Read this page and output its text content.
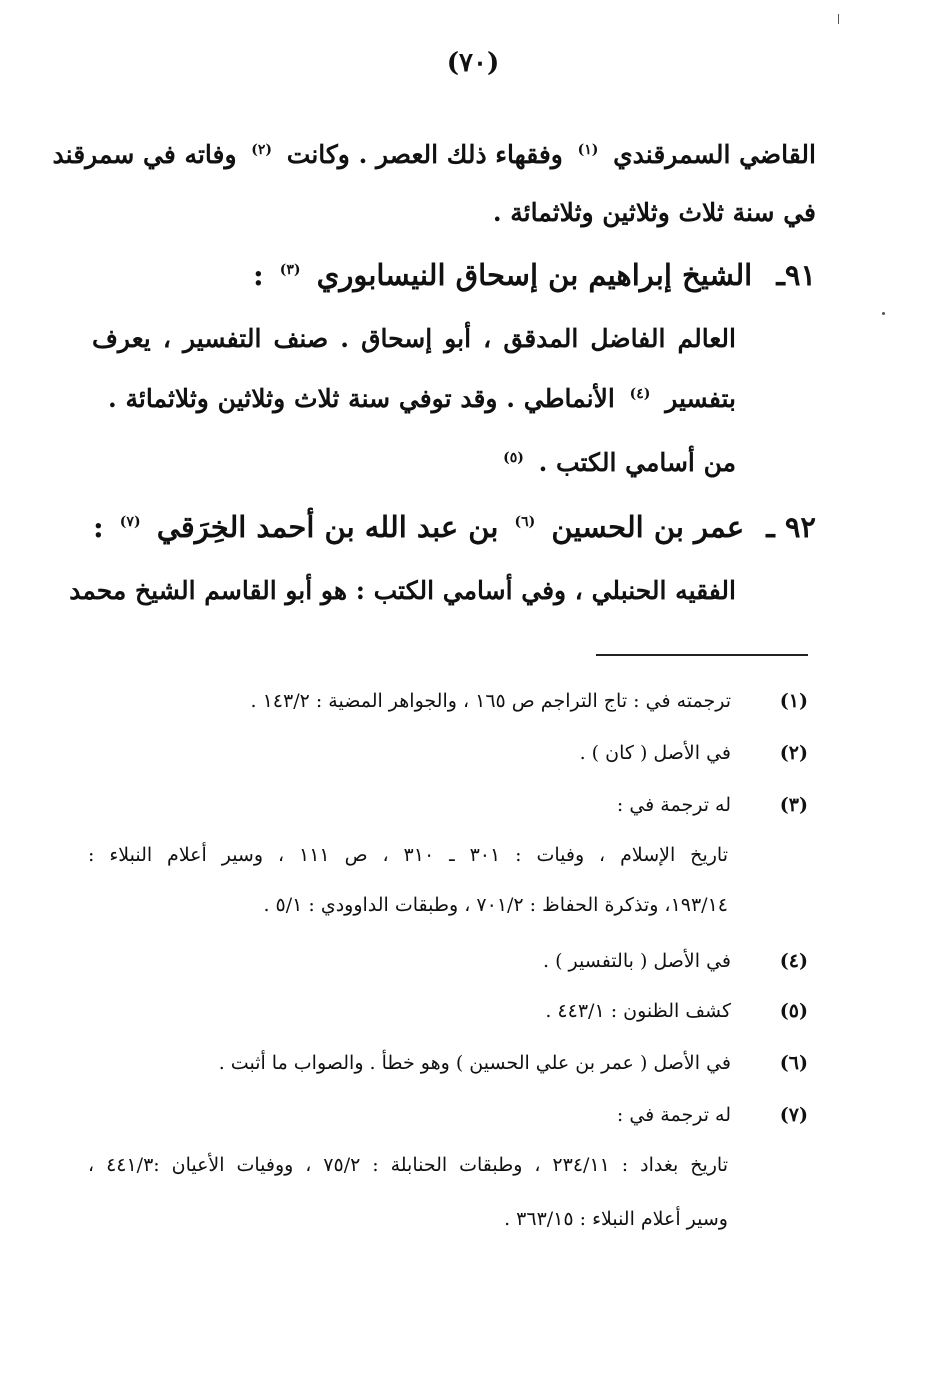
(٧٠)
القاضي السمرقندي $^{(١)}$ وفقهاء ذلك العصر . وكانت $^{(٢)}$ وفاته في سمرقند
في سنة ثلاث وثلاثين وثلاثمائة .
٩١ـ الشيخ إبراهيم بن إسحاق النيسابوري $^{(٣)}$ :
العالم الفاضل المدقق ، أبو إسحاق . صنف التفسير ، يعرف
بتفسير $^{(٤)}$ الأنماطي . وقد توفي سنة ثلاث وثلاثين وثلاثمائة .
من أسامي الكتب . $^{(٥)}$
٩٢ ـ عمر بن الحسين $^{(٦)}$ بن عبد الله بن أحمد الخِرَقي $^{(٧)}$ :
الفقيه الحنبلي ، وفي أسامي الكتب : هو أبو القاسم الشيخ محمد
(١)
ترجمته في : تاج التراجم ص ١٦٥ ، والجواهر المضية : ١٤٣/٢ .
(٢)
في الأصل ( كان ) .
(٣)
له ترجمة في :
تاريخ الإسلام ، وفيات : ٣٠١ ـ ٣١٠ ، ص ١١١ ، وسير أعلام النبلاء :
١٩٣/١٤، وتذكرة الحفاظ : ٧٠١/٢ ، وطبقات الداوودي : ٥/١ .
(٤)
في الأصل ( بالتفسير ) .
(٥)
كشف الظنون : ٤٤٣/١ .
(٦)
في الأصل ( عمر بن علي الحسين ) وهو خطأ . والصواب ما أثبت .
(٧)
له ترجمة في :
تاريخ بغداد : ٢٣٤/١١ ، وطبقات الحنابلة : ٧٥/٢ ، ووفيات الأعيان :٤٤١/٣ ،
وسير أعلام النبلاء : ٣٦٣/١٥ .
